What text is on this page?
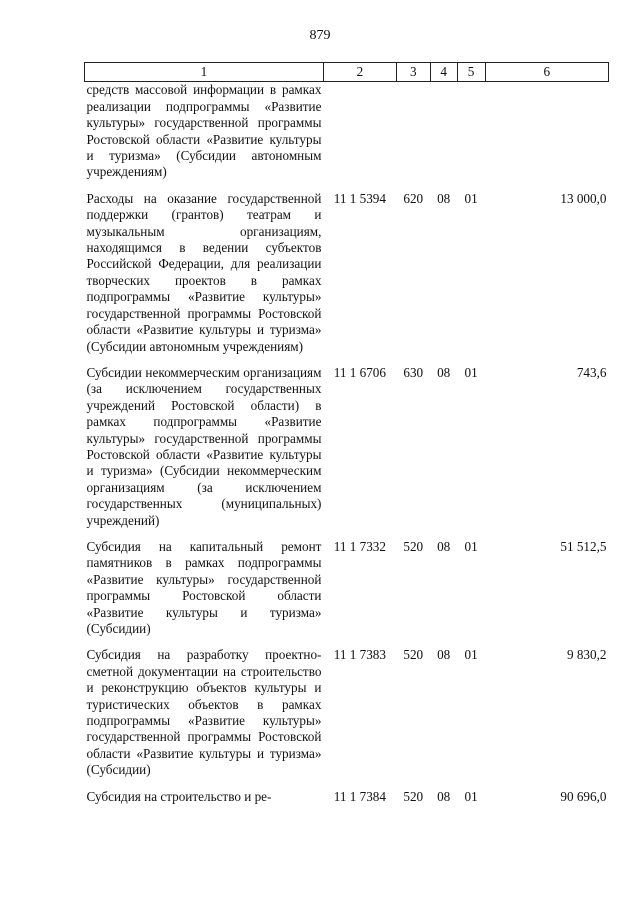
879
1	2	3	4	5	6
средств массовой информации в рамках реализации подпрограммы «Развитие культуры» государственной программы Ростовской области «Развитие культуры и туризма» (Субсидии автономным учреждениям)					

Расходы на оказание государственной поддержки (грантов) театрам и музыкальным организациям, находящимся в ведении субъектов Российской Федерации, для реализации творческих проектов в рамках подпрограммы «Развитие культуры» государственной программы Ростовской области «Развитие культуры и туризма» (Субсидии автономным учреждениям)	11 1 5394	620	08	01	13 000,0

Субсидии некоммерческим организациям (за исключением государственных учреждений Ростовской области) в рамках подпрограммы «Развитие культуры» государственной программы Ростовской области «Развитие культуры и туризма» (Субсидии некоммерческим организациям (за исключением государственных (муниципальных) учреждений)	11 1 6706	630	08	01	743,6

Субсидия на капитальный ремонт памятников в рамках подпрограммы «Развитие культуры» государственной программы Ростовской области «Развитие культуры и туризма» (Субсидии)	11 1 7332	520	08	01	51 512,5

Субсидия на разработку проектно-сметной документации на строительство и реконструкцию объектов культуры и туристических объектов в рамках подпрограммы «Развитие культуры» государственной программы Ростовской области «Развитие культуры и туризма» (Субсидии)	11 1 7383	520	08	01	9 830,2

Субсидия на строительство и ре-	11 1 7384	520	08	01	90 696,0
